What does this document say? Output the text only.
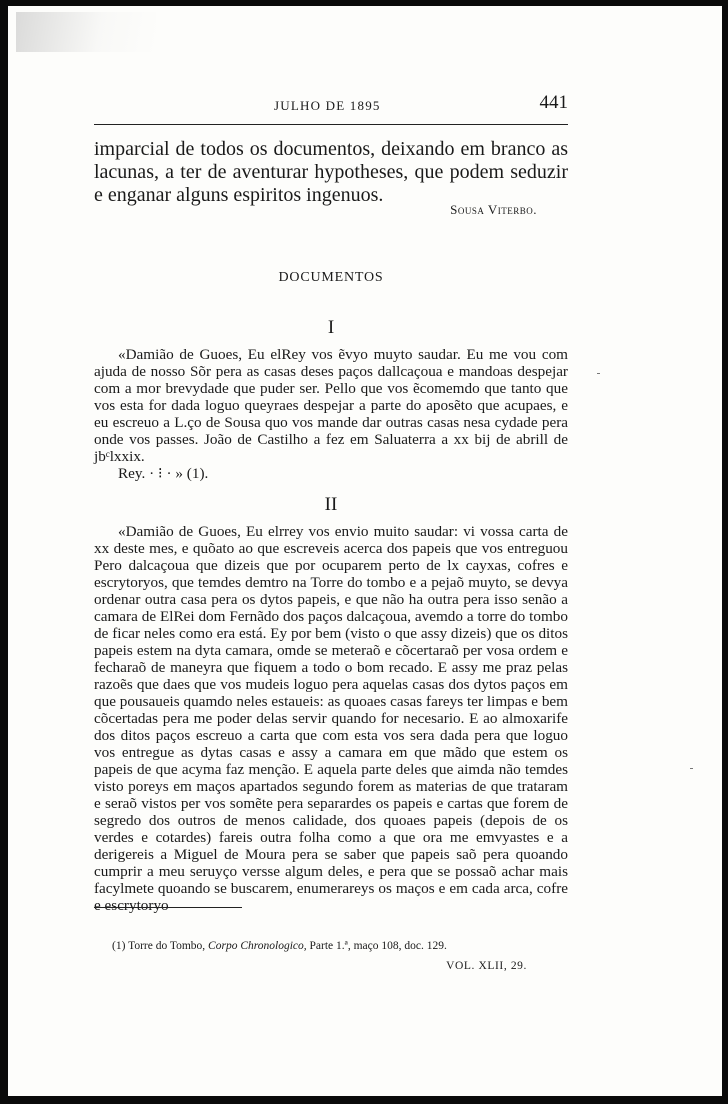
JULHO DE 1895	441
imparcial de todos os documentos, deixando em branco as lacunas, a ter de aventurar hypotheses, que podem seduzir e enganar alguns espiritos ingenuos.
Sousa Viterbo.
DOCUMENTOS
I

«Damião de Guoes, Eu elRey vos ẽvyo muyto saudar. Eu me vou com ajuda de nosso Sõr pera as casas deses paços dallcaçoua e mandoas despejar com a mor brevydade que puder ser. Pello que vos ẽcomemdo que tanto que vos esta for dada loguo queyraes despejar a parte do aposẽto que acupaes, e eu escreuo a L.ço de Sousa quo vos mande dar outras casas nesa cydade pera onde vos passes. João de Castilho a fez em Saluaterra a xx bij de abrill de jbᶜlxxix.

Rey. · ⁝ · » (1).
II

«Damião de Guoes, Eu elrrey vos envio muito saudar: vi vossa carta de xx deste mes, e quõato ao que escreveis acerca dos papeis que vos entreguou Pero dalcaçoua que dizeis que por ocuparem perto de lx cayxas, cofres e escrytoryos, que temdes demtro na Torre do tombo e a pejaõ muyto, se devya ordenar outra casa pera os dytos papeis, e que não ha outra pera isso senão a camara de ElRei dom Fernãdo dos paços dalcaçoua, avemdo a torre do tombo de ficar neles como era está. Ey por bem (visto o que assy dizeis) que os ditos papeis estem na dyta camara, omde se meteraõ e cõcertaraõ per vosa ordem e fecharaõ de maneyra que fiquem a todo o bom recado. E assy me praz pelas razoẽs que daes que vos mudeis loguo pera aquelas casas dos dytos paços em que pousaueis quamdo neles estaueis: as quoaes casas fareys ter limpas e bem cõcertadas pera me poder delas servir quando for necesario. E ao almoxarife dos ditos paços escreuo a carta que com esta vos sera dada pera que loguo vos entregue as dytas casas e assy a camara em que mãdo que estem os papeis de que acyma faz menção. E aquela parte deles que aimda não temdes visto poreys em maços apartados segundo forem as materias de que trataram e seraõ vistos per vos somẽte pera separardes os papeis e cartas que forem de segredo dos outros de menos calidade, dos quoaes papeis (depois de os verdes e cotardes) fareis outra folha como a que ora me emvyastes e a derigereis a Miguel de Moura pera se saber que papeis saõ pera quoando cumprir a meu seruyço versse algum deles, e pera que se possaõ achar mais facylmete quoando se buscarem, enumerareys os maços e em cada arca, cofre e escrytoryo

(1) Torre do Tombo, Corpo Chronologico, Parte 1.ª, maço 108, doc. 129.
VOL. XLII, 29.
